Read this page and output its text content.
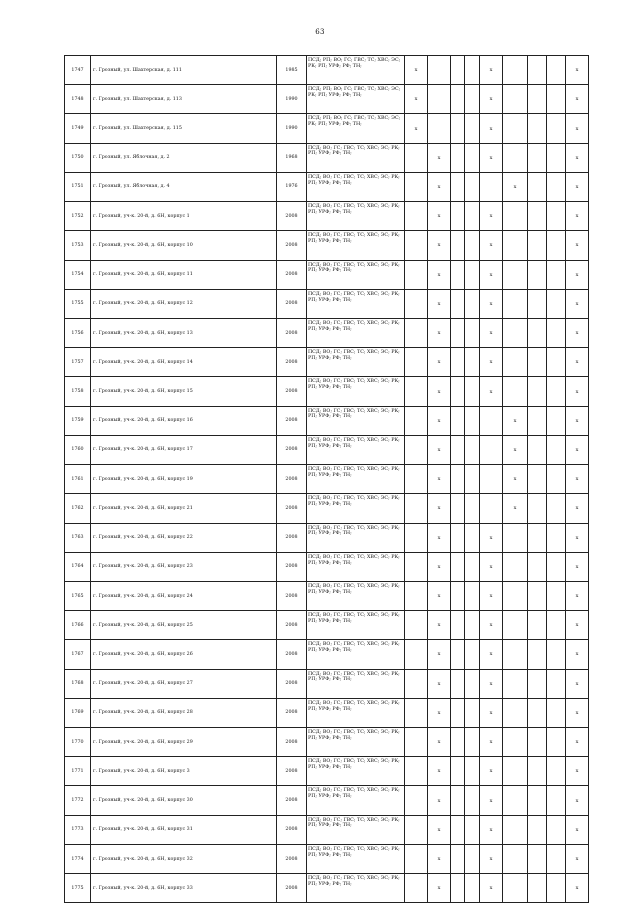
63
1747	г. Грозный, ул. Шахтерская, д. 111	1985	ПСД; РП; ВО; ГС; ГВС; ТС; ХВС; ЭС; РК; РП; УРФ; РФ; ТН;	x				x				x
1748	г. Грозный, ул. Шахтерская, д. 113	1990	ПСД; РП; ВО; ГС; ГВС; ТС; ХВС; ЭС; РК; РП; УРФ; РФ; ТН;	x				x				x
1749	г. Грозный, ул. Шахтерская, д. 115	1990	ПСД; РП; ВО; ГС; ГВС; ТС; ХВС; ЭС; РК; РП; УРФ; РФ; ТН;	x				x				x
1750	г. Грозный, ул. Яблочная, д. 2	1968	ПСД; ВО; ГС; ГВС; ТС; ХВС; ЭС; РК; РП; УРФ; РФ; ТН;		x			x				x
1751	г. Грозный, ул. Яблочная, д. 4	1976	ПСД; ВО; ГС; ГВС; ТС; ХВС; ЭС; РК; РП; УРФ; РФ; ТН;		x				x			x
1752	г. Грозный, уч-к. 20-й, д. 6Н, корпус 1	2008	ПСД; ВО; ГС; ГВС; ТС; ХВС; ЭС; РК; РП; УРФ; РФ; ТН;		x			x				x
1753	г. Грозный, уч-к. 20-й, д. 6Н, корпус 10	2008	ПСД; ВО; ГС; ГВС; ТС; ХВС; ЭС; РК; РП; УРФ; РФ; ТН;		x			x				x
1754	г. Грозный, уч-к. 20-й, д. 6Н, корпус 11	2008	ПСД; ВО; ГС; ГВС; ТС; ХВС; ЭС; РК; РП; УРФ; РФ; ТН;		x			x				x
1755	г. Грозный, уч-к. 20-й, д. 6Н, корпус 12	2008	ПСД; ВО; ГС; ГВС; ТС; ХВС; ЭС; РК; РП; УРФ; РФ; ТН;		x			x				x
1756	г. Грозный, уч-к. 20-й, д. 6Н, корпус 13	2008	ПСД; ВО; ГС; ГВС; ТС; ХВС; ЭС; РК; РП; УРФ; РФ; ТН;		x			x				x
1757	г. Грозный, уч-к. 20-й, д. 6Н, корпус 14	2008	ПСД; ВО; ГС; ГВС; ТС; ХВС; ЭС; РК; РП; УРФ; РФ; ТН;		x			x				x
1758	г. Грозный, уч-к. 20-й, д. 6Н, корпус 15	2008	ПСД; ВО; ГС; ГВС; ТС; ХВС; ЭС; РК; РП; УРФ; РФ; ТН;		x			x				x
1759	г. Грозный, уч-к. 20-й, д. 6Н, корпус 16	2008	ПСД; ВО; ГС; ГВС; ТС; ХВС; ЭС; РК; РП; УРФ; РФ; ТН;		x				x			x
1760	г. Грозный, уч-к. 20-й, д. 6Н, корпус 17	2008	ПСД; ВО; ГС; ГВС; ТС; ХВС; ЭС; РК; РП; УРФ; РФ; ТН;		x				x			x
1761	г. Грозный, уч-к. 20-й, д. 6Н, корпус 19	2008	ПСД; ВО; ГС; ГВС; ТС; ХВС; ЭС; РК; РП; УРФ; РФ; ТН;		x				x			x
1762	г. Грозный, уч-к. 20-й, д. 6Н, корпус 21	2008	ПСД; ВО; ГС; ГВС; ТС; ХВС; ЭС; РК; РП; УРФ; РФ; ТН;		x				x			x
1763	г. Грозный, уч-к. 20-й, д. 6Н, корпус 22	2008	ПСД; ВО; ГС; ГВС; ТС; ХВС; ЭС; РК; РП; УРФ; РФ; ТН;		x			x				x
1764	г. Грозный, уч-к. 20-й, д. 6Н, корпус 23	2008	ПСД; ВО; ГС; ГВС; ТС; ХВС; ЭС; РК; РП; УРФ; РФ; ТН;		x			x				x
1765	г. Грозный, уч-к. 20-й, д. 6Н, корпус 24	2008	ПСД; ВО; ГС; ГВС; ТС; ХВС; ЭС; РК; РП; УРФ; РФ; ТН;		x			x				x
1766	г. Грозный, уч-к. 20-й, д. 6Н, корпус 25	2008	ПСД; ВО; ГС; ГВС; ТС; ХВС; ЭС; РК; РП; УРФ; РФ; ТН;		x			x				x
1767	г. Грозный, уч-к. 20-й, д. 6Н, корпус 26	2008	ПСД; ВО; ГС; ГВС; ТС; ХВС; ЭС; РК; РП; УРФ; РФ; ТН;		x			x				x
1768	г. Грозный, уч-к. 20-й, д. 6Н, корпус 27	2008	ПСД; ВО; ГС; ГВС; ТС; ХВС; ЭС; РК; РП; УРФ; РФ; ТН;		x			x				x
1769	г. Грозный, уч-к. 20-й, д. 6Н, корпус 28	2008	ПСД; ВО; ГС; ГВС; ТС; ХВС; ЭС; РК; РП; УРФ; РФ; ТН;		x			x				x
1770	г. Грозный, уч-к. 20-й, д. 6Н, корпус 29	2008	ПСД; ВО; ГС; ГВС; ТС; ХВС; ЭС; РК; РП; УРФ; РФ; ТН;		x			x				x
1771	г. Грозный, уч-к. 20-й, д. 6Н, корпус 3	2008	ПСД; ВО; ГС; ГВС; ТС; ХВС; ЭС; РК; РП; УРФ; РФ; ТН;		x			x				x
1772	г. Грозный, уч-к. 20-й, д. 6Н, корпус 30	2008	ПСД; ВО; ГС; ГВС; ТС; ХВС; ЭС; РК; РП; УРФ; РФ; ТН;		x			x				x
1773	г. Грозный, уч-к. 20-й, д. 6Н, корпус 31	2008	ПСД; ВО; ГС; ГВС; ТС; ХВС; ЭС; РК; РП; УРФ; РФ; ТН;		x			x				x
1774	г. Грозный, уч-к. 20-й, д. 6Н, корпус 32	2008	ПСД; ВО; ГС; ГВС; ТС; ХВС; ЭС; РК; РП; УРФ; РФ; ТН;		x			x				x
1775	г. Грозный, уч-к. 20-й, д. 6Н, корпус 33	2008	ПСД; ВО; ГС; ГВС; ТС; ХВС; ЭС; РК; РП; УРФ; РФ; ТН;		x			x				x
